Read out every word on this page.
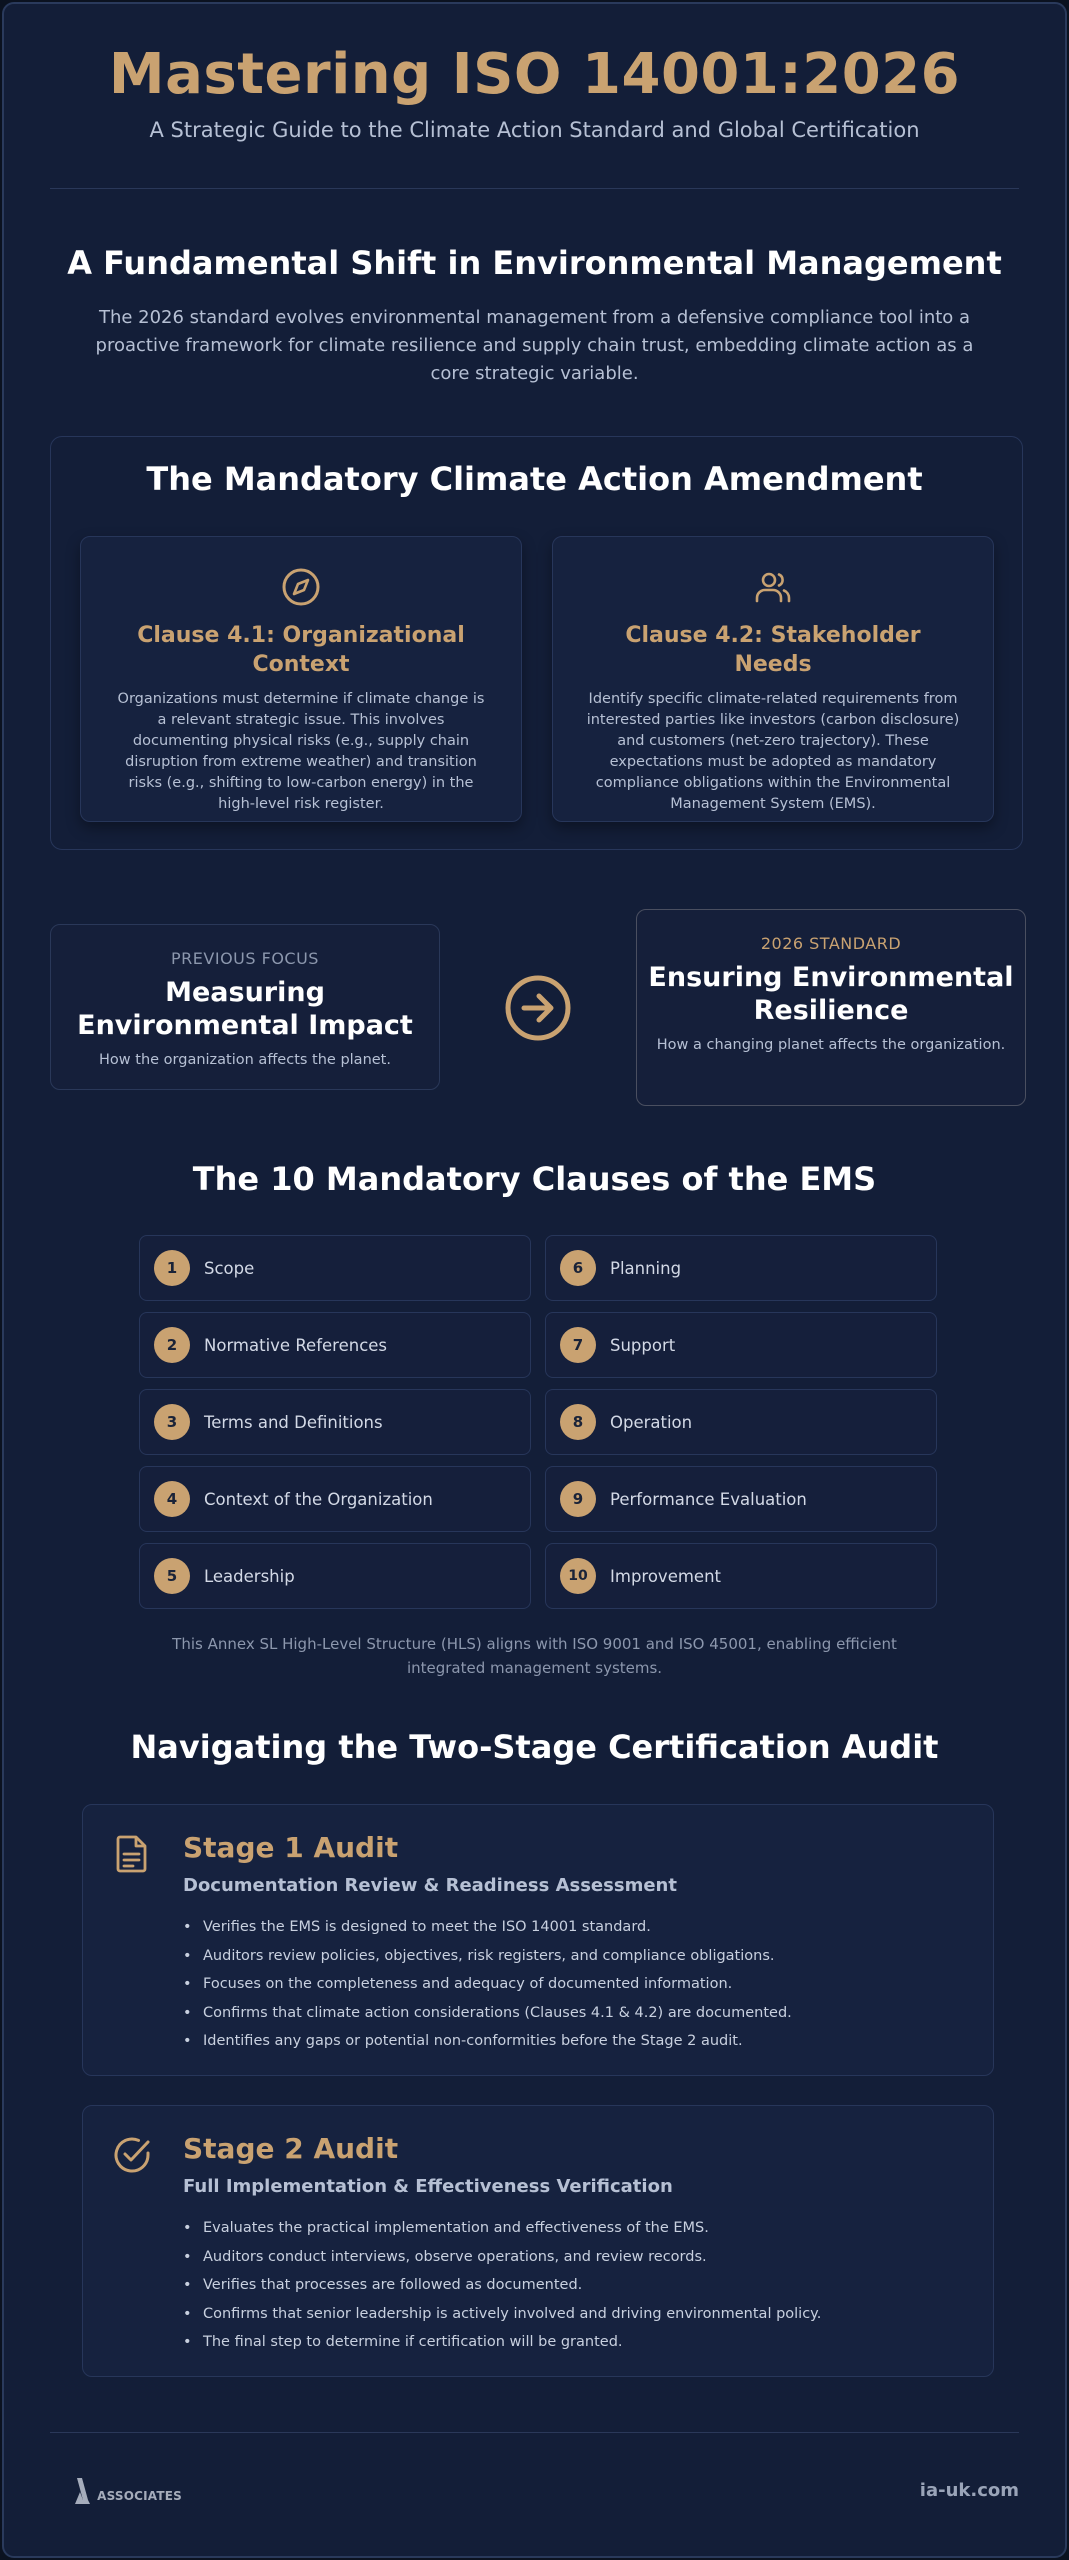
Mastering ISO 14001:2026
A Strategic Guide to the Climate Action Standard and Global Certification
A Fundamental Shift in Environmental Management
The 2026 standard evolves environmental management from a defensive compliance tool into a proactive framework for climate resilience and supply chain trust, embedding climate action as a core strategic variable.
The Mandatory Climate Action Amendment
Clause 4.1: Organizational Context
Organizations must determine if climate change is a relevant strategic issue. This involves documenting physical risks (e.g., supply chain disruption from extreme weather) and transition risks (e.g., shifting to low-carbon energy) in the high-level risk register.
Clause 4.2: Stakeholder Needs
Identify specific climate-related requirements from interested parties like investors (carbon disclosure) and customers (net-zero trajectory). These expectations must be adopted as mandatory compliance obligations within the Environmental Management System (EMS).
PREVIOUS FOCUS
Measuring Environmental Impact
How the organization affects the planet.
2026 STANDARD
Ensuring Environmental Resilience
How a changing planet affects the organization.
The 10 Mandatory Clauses of the EMS
1	Scope
2	Normative References
3	Terms and Definitions
4	Context of the Organization
5	Leadership
6	Planning
7	Support
8	Operation
9	Performance Evaluation
10	Improvement
This Annex SL High-Level Structure (HLS) aligns with ISO 9001 and ISO 45001, enabling efficient integrated management systems.
Navigating the Two-Stage Certification Audit
Stage 1 Audit
Documentation Review & Readiness Assessment
• Verifies the EMS is designed to meet the ISO 14001 standard.
• Auditors review policies, objectives, risk registers, and compliance obligations.
• Focuses on the completeness and adequacy of documented information.
• Confirms that climate action considerations (Clauses 4.1 & 4.2) are documented.
• Identifies any gaps or potential non-conformities before the Stage 2 audit.
Stage 2 Audit
Full Implementation & Effectiveness Verification
• Evaluates the practical implementation and effectiveness of the EMS.
• Auditors conduct interviews, observe operations, and review records.
• Verifies that processes are followed as documented.
• Confirms that senior leadership is actively involved and driving environmental policy.
• The final step to determine if certification will be granted.
ASSOCIATES	ia-uk.com
